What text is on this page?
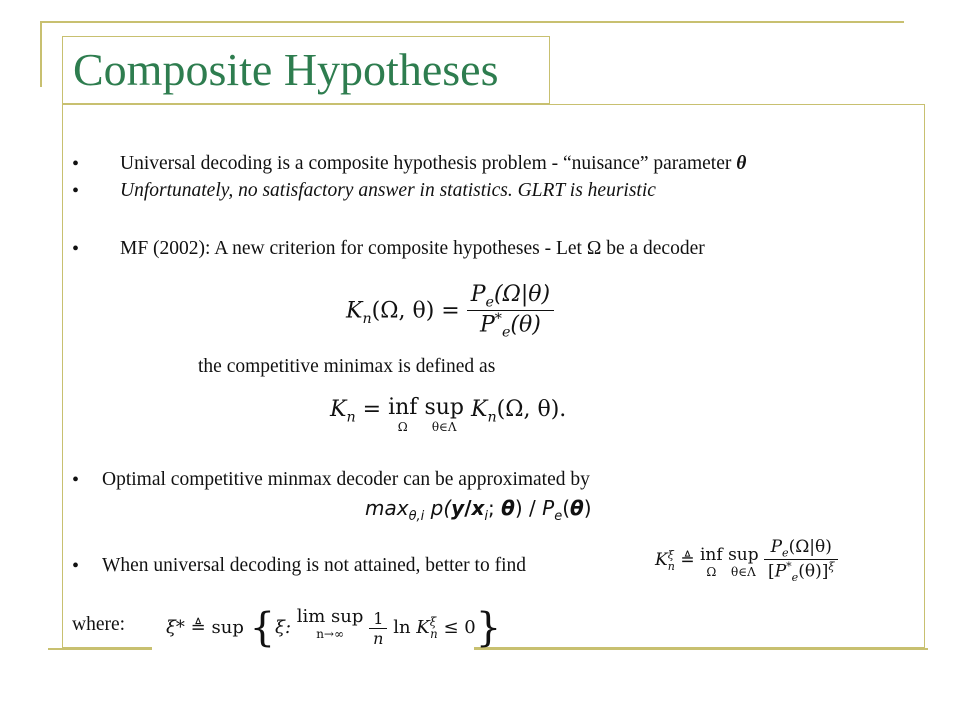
Composite Hypotheses
• Universal decoding is a composite hypothesis problem - “nuisance” parameter θ
• Unfortunately, no satisfactory answer in statistics. GLRT is heuristic
• MF (2002): A new criterion for composite hypotheses - Let Ω be a decoder
$K_n(\Omega$, $\theta) = \frac{P_e(\Omega|\theta)}{P^*_e(\theta)}$
the competitive minimax is defined as
$K_n$ = inf
Ω
sup
θ∈Λ
$K_n(\Omega$, θ).
• Optimal competitive minmax decoder can be approximated by
$\max_{\theta,i} p(y/x_i$; $\theta) / P_e(\theta)$
• When universal decoding is not attained, better to find	$K^\xi_n$ ≜ inf
Ω
sup
θ∈Λ
$\frac{P_e(\Omega|\theta)}{[P^*_e(\theta)]^\xi}$
where: ξ* ≜ sup {ξ: lim sup
n→∞
	$\frac{1}{n}$ $\ln K^\xi_n \le 0$}
